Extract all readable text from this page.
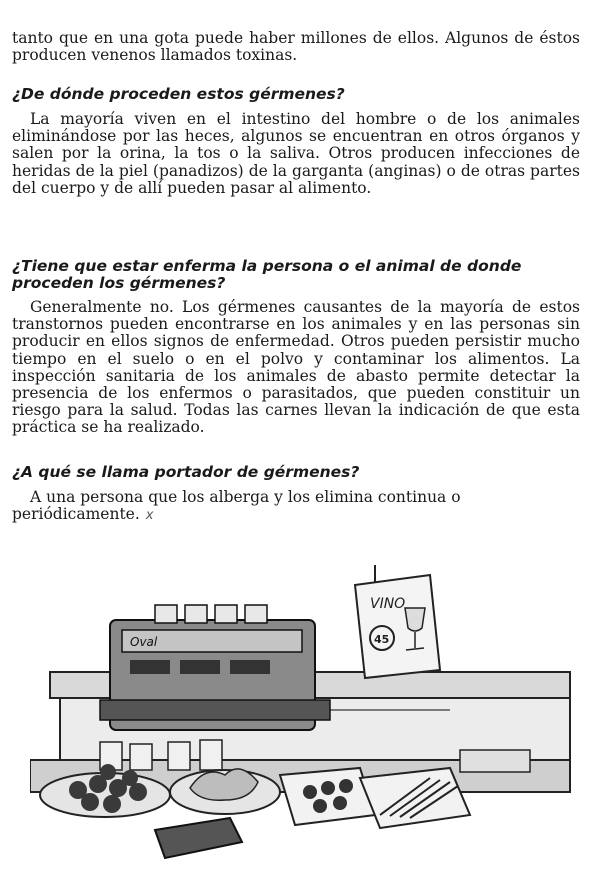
tanto que en una gota puede haber millones de ellos. Algunos de éstos producen venenos llamados toxinas.

¿De dónde proceden estos gérmenes?

La mayoría viven en el intestino del hombre o de los animales eliminándose por las heces, algunos se encuentran en otros órganos y salen por la orina, la tos o la saliva. Otros producen infecciones de heridas de la piel (panadizos) de la garganta (anginas) o de otras partes del cuerpo y de allí pueden pasar al alimento.

¿Tiene que estar enferma la persona o el animal de donde proceden los gérmenes?

Generalmente no. Los gérmenes causantes de la mayoría de estos transtornos pueden encontrarse en los animales y en las personas sin producir en ellos signos de enfermedad. Otros pueden persistir mucho tiempo en el suelo o en el polvo y contaminar los alimentos. La inspección sanitaria de los animales de abasto permite detectar la presencia de los enfermos o parasitados, que pueden constituir un riesgo para la salud. Todas las carnes llevan la indicación de que esta práctica se ha realizado.

¿A qué se llama portador de gérmenes?

A una persona que los alberga y los elimina continua o periódicamente. x

VINO
45
Oval
